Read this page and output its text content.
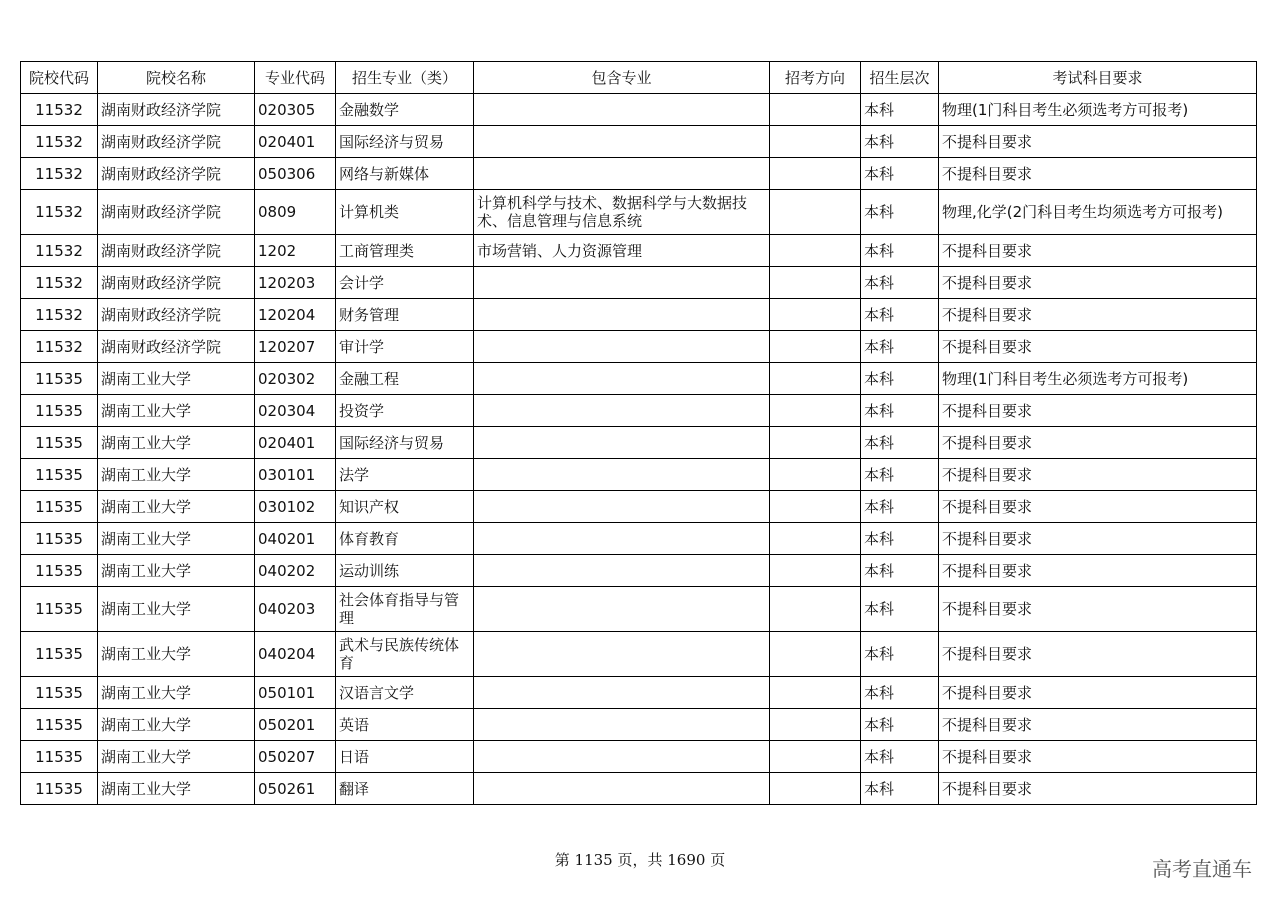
院校代码	院校名称	专业代码	招生专业（类）	包含专业	招考方向	招生层次	考试科目要求
11532	湖南财政经济学院	020305	金融数学			本科	物理(1门科目考生必须选考方可报考)
11532	湖南财政经济学院	020401	国际经济与贸易			本科	不提科目要求
11532	湖南财政经济学院	050306	网络与新媒体			本科	不提科目要求
11532	湖南财政经济学院	0809	计算机类	计算机科学与技术、数据科学与大数据技术、信息管理与信息系统		本科	物理,化学(2门科目考生均须选考方可报考)
11532	湖南财政经济学院	1202	工商管理类	市场营销、人力资源管理		本科	不提科目要求
11532	湖南财政经济学院	120203	会计学			本科	不提科目要求
11532	湖南财政经济学院	120204	财务管理			本科	不提科目要求
11532	湖南财政经济学院	120207	审计学			本科	不提科目要求
11535	湖南工业大学	020302	金融工程			本科	物理(1门科目考生必须选考方可报考)
11535	湖南工业大学	020304	投资学			本科	不提科目要求
11535	湖南工业大学	020401	国际经济与贸易			本科	不提科目要求
11535	湖南工业大学	030101	法学			本科	不提科目要求
11535	湖南工业大学	030102	知识产权			本科	不提科目要求
11535	湖南工业大学	040201	体育教育			本科	不提科目要求
11535	湖南工业大学	040202	运动训练			本科	不提科目要求
11535	湖南工业大学	040203	社会体育指导与管理			本科	不提科目要求
11535	湖南工业大学	040204	武术与民族传统体育			本科	不提科目要求
11535	湖南工业大学	050101	汉语言文学			本科	不提科目要求
11535	湖南工业大学	050201	英语			本科	不提科目要求
11535	湖南工业大学	050207	日语			本科	不提科目要求
11535	湖南工业大学	050261	翻译			本科	不提科目要求
第 1135 页，共 1690 页	高考直通车
